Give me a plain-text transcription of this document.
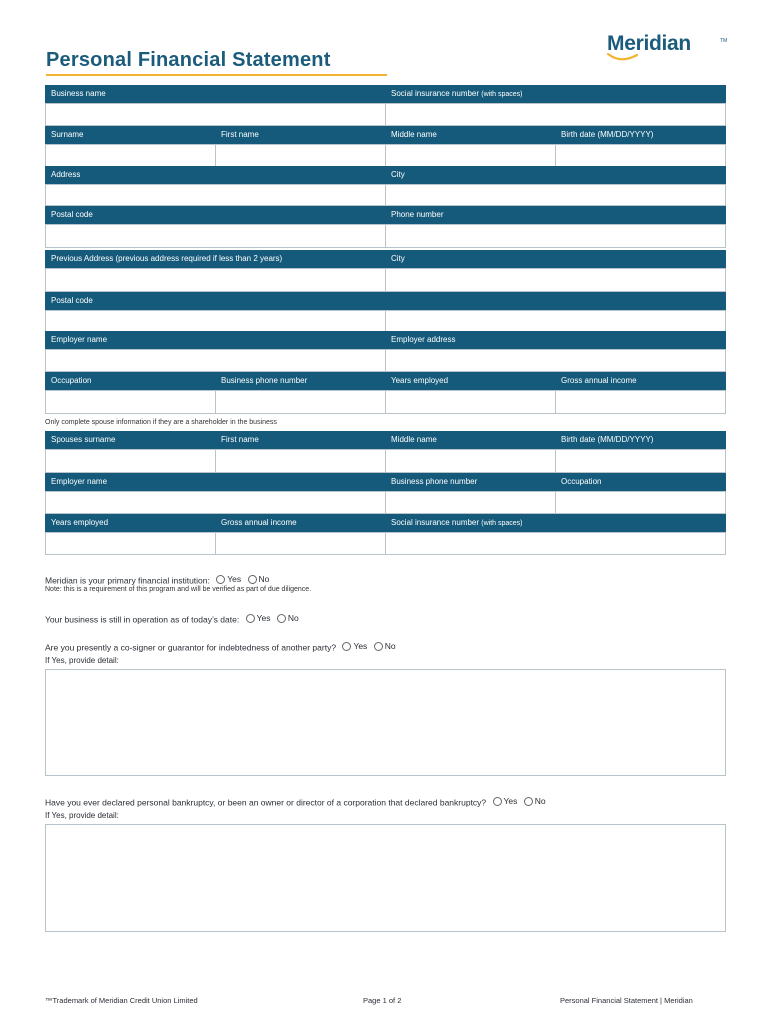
Personal Financial Statement
Meridian	TM
Business name	Social insurance number (with spaces)
Surname	First name	Middle name	Birth date (MM/DD/YYYY)
Address	City
Postal code	Phone number
Previous Address (previous address required if less than 2 years)	City
Postal code
Employer name	Employer address
Occupation	Business phone number	Years employed	Gross annual income
Only complete spouse information if they are a shareholder in the business
Spouses surname	First name	Middle name	Birth date (MM/DD/YYYY)
Employer name	Business phone number	Occupation
Years employed	Gross annual income	Social insurance number (with spaces)
Meridian is your primary financial institution: Yes
No
Note: this is a requirement of this program and will be verified as part of due diligence.
Your business is still in operation as of today’s date: Yes
No
Are you presently a co-signer or guarantor for indebtedness of another party? Yes
No
If Yes, provide detail:
Have you ever declared personal bankruptcy, or been an owner or director of a corporation that declared bankruptcy? Yes
No
If Yes, provide detail:
™Trademark of Meridian Credit Union Limited	Page 1 of 2	Personal Financial Statement | Meridian
